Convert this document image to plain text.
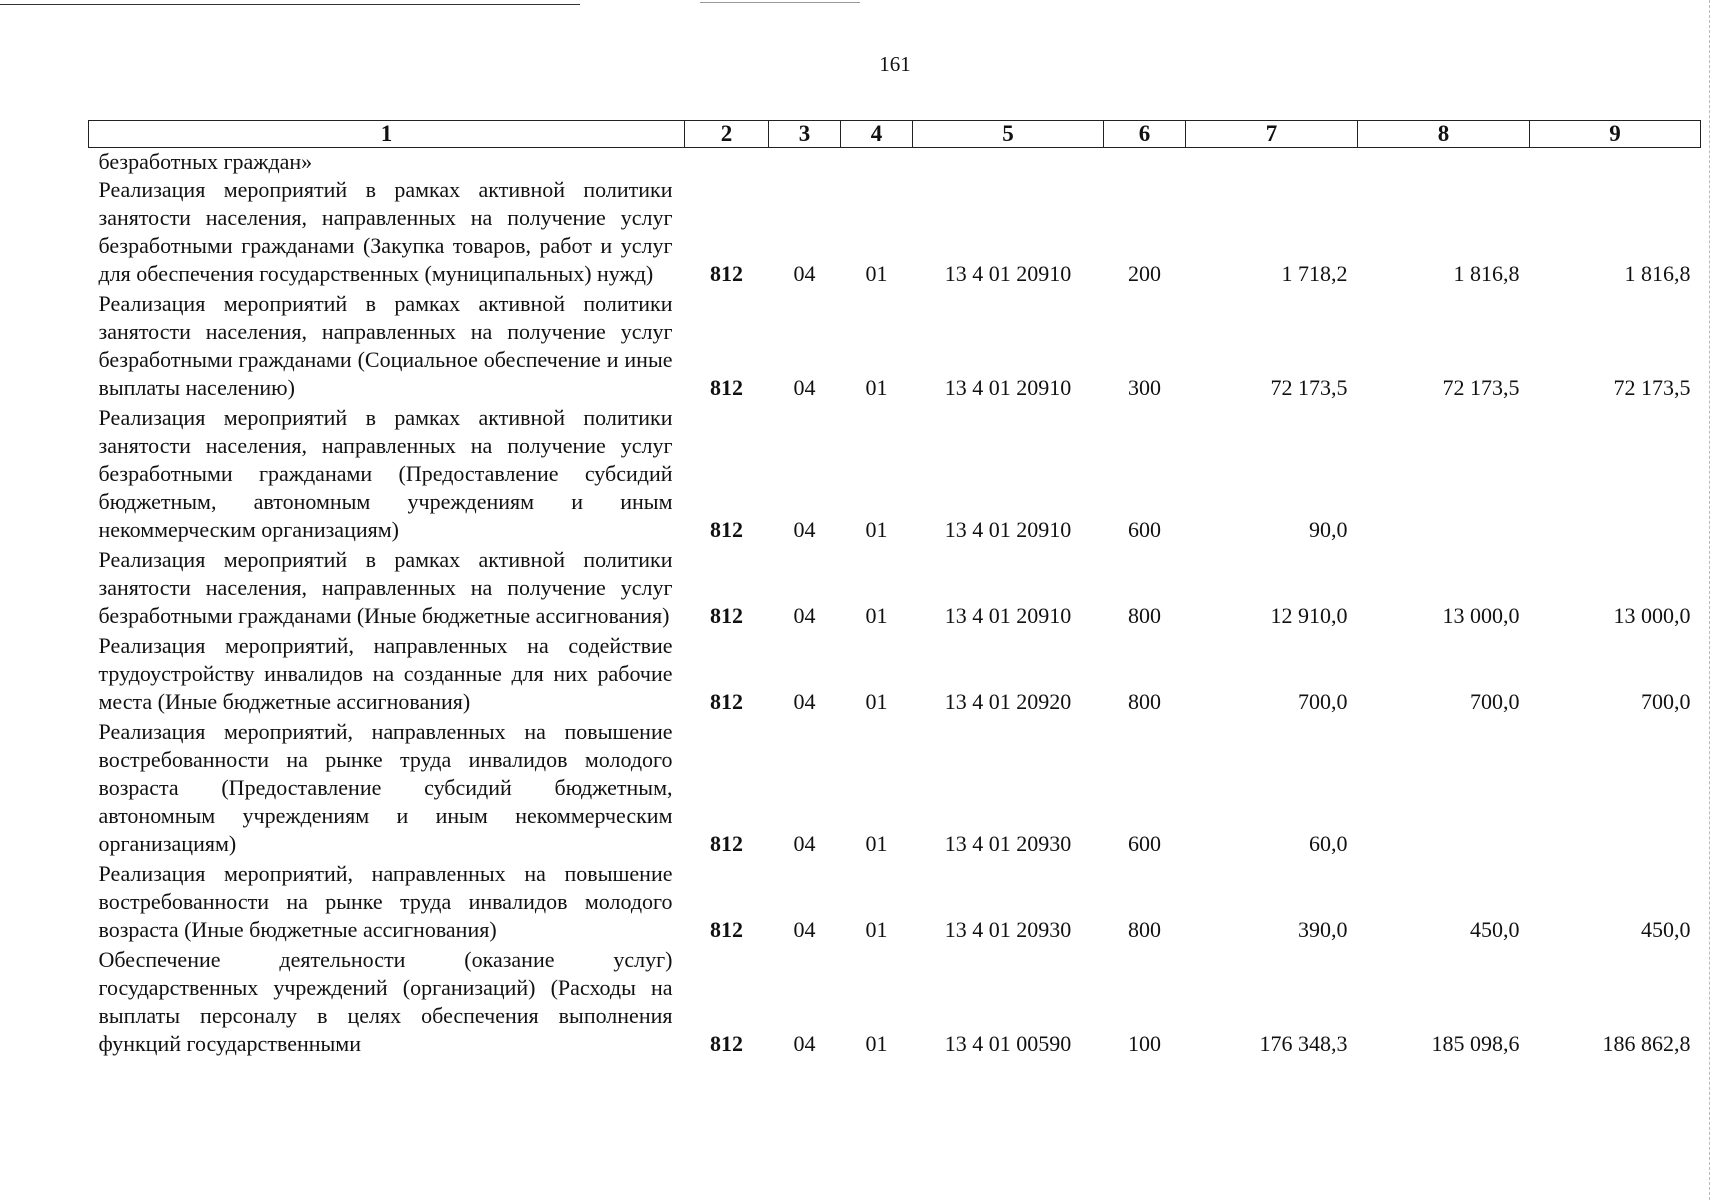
161
1	2	3	4	5	6	7	8	9
безработных граждан»								
Реализация мероприятий в рамках активной политики занятости населения, направленных на получение услуг безработными гражданами (Закупка товаров, работ и услуг для обеспечения государственных (муниципальных) нужд)	812	04	01	13 4 01 20910	200	1 718,2	1 816,8	1 816,8
Реализация мероприятий в рамках активной политики занятости населения, направленных на получение услуг безработными гражданами (Социальное обеспечение и иные выплаты населению)	812	04	01	13 4 01 20910	300	72 173,5	72 173,5	72 173,5
Реализация мероприятий в рамках активной политики занятости населения, направленных на получение услуг безработными гражданами (Предоставление субсидий бюджетным, автономным учреждениям и иным некоммерческим организациям)	812	04	01	13 4 01 20910	600	90,0		
Реализация мероприятий в рамках активной политики занятости населения, направленных на получение услуг безработными гражданами (Иные бюджетные ассигнования)	812	04	01	13 4 01 20910	800	12 910,0	13 000,0	13 000,0
Реализация мероприятий, направленных на содействие трудоустройству инвалидов на созданные для них рабочие места (Иные бюджетные ассигнования)	812	04	01	13 4 01 20920	800	700,0	700,0	700,0
Реализация мероприятий, направленных на повышение востребованности на рынке труда инвалидов молодого возраста (Предоставление субсидий бюджетным, автономным учреждениям и иным некоммерческим организациям)	812	04	01	13 4 01 20930	600	60,0		
Реализация мероприятий, направленных на повышение востребованности на рынке труда инвалидов молодого возраста (Иные бюджетные ассигнования)	812	04	01	13 4 01 20930	800	390,0	450,0	450,0

Обеспечение деятельности (оказание услуг) государственных учреждений (организаций) (Расходы на выплаты персоналу в целях обеспечения выполнения функций государственными	812	04	01	13 4 01 00590	100	176 348,3	185 098,6	186 862,8
